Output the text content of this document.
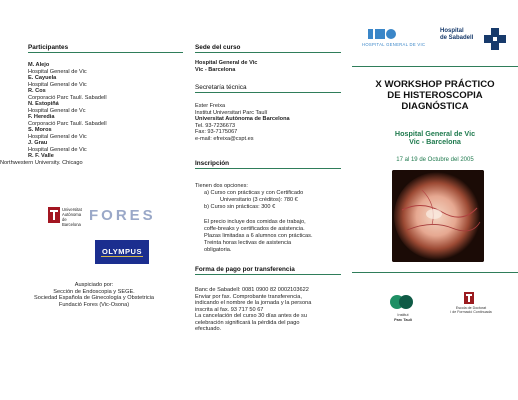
Participantes
M. Alejo
Hospital General de Vic
E. Cayuela
Hospital General de Vic
R. Cos
Corporació Parc Taulí. Sabadell
N. Estopiñá
Hospital General de Vc
F. Heredia
Corporació Parc Taulí. Sabadell
S. Moros
Hospital General de Vic
J. Grau
Hospital General de Vic
R. F. Valle
Northwestern University. Chicago
Universitat
Autònoma
de Barcelona
FORES
OLYMPUS
Auspiciado por:
Sección de Endoscopia y SEGE.
Sociedad Española de Ginecología y Obstetricia
Fundació Fores (Vic-Osona)
Sede del curso
Hospital General de Vic
Vic - Barcelona
Secretaría técnica
Ester Freixa
Institut Universitari Parc Taulí
Universitat Autònoma de Barcelona
Tel. 93-7236673
Fax: 93-7175067
e-mail: efreixa@cspt.es
Inscripción
Tienen dos opciones:
a) Curso con prácticas y con Certificado
Universitario (3 créditos): 780 €
b) Curso sin prácticas: 300 €
El precio incluye dos comidas de trabajo,
coffe-breaks y certificados de asistencia.
Plazas limitadas a 6 alumnos con prácticas.
Treinta horas lectivas de asistencia
obligatoria.
Forma de pago por transferencia
Banc de Sabadell: 0081 0900 82 0002103622
Enviar por fax. Comprobante transferencia,
indicando el nombre de la jornada y la persona
inscrita al fax. 93 717 50 67
La cancelación del curso 30 días antes de su
celebración significará la pérdida del pago
efectuado.
HOSPITAL GENERAL DE VIC
Hospital
de Sabadell
X WORKSHOP PRÁCTICO
DE HISTEROSCOPIA
DIAGNÓSTICA
Hospital General de Vic
Vic - Barcelona
17 al 19 de Octubre del 2005
Institut
Parc Taulí
Escola de Doctorat
i de Formació Continuada
